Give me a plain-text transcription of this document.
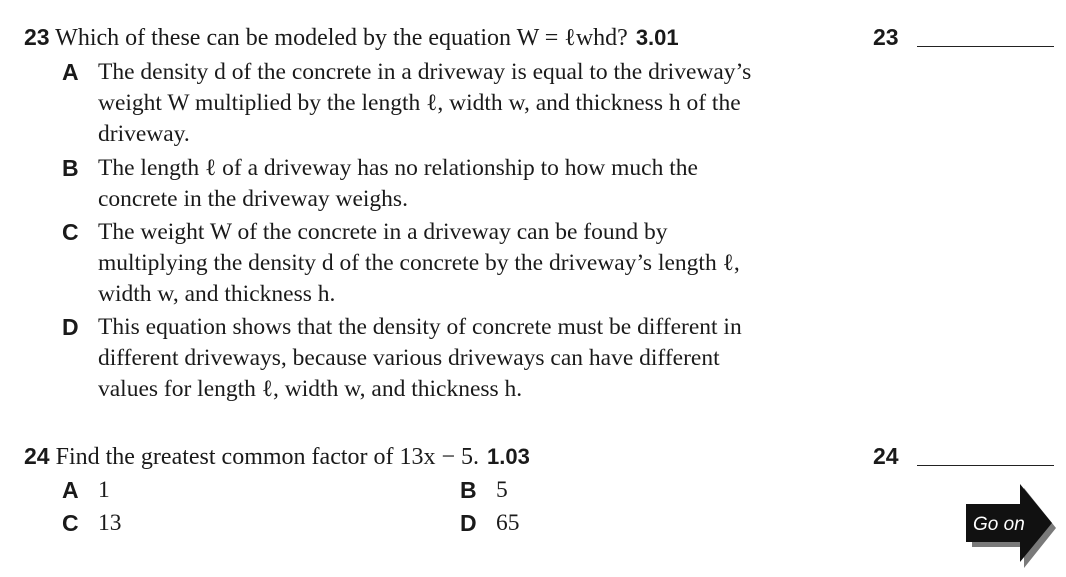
23 Which of these can be modeled by the equation W = ℓwhd? 3.01	23
A The density d of the concrete in a driveway is equal to the driveway’s
weight W multiplied by the length ℓ, width w, and thickness h of the
driveway.
B The length ℓ of a driveway has no relationship to how much the
concrete in the driveway weighs.
C The weight W of the concrete in a driveway can be found by
multiplying the density d of the concrete by the driveway’s length ℓ,
width w, and thickness h.
D This equation shows that the density of concrete must be different in
different driveways, because various driveways can have different
values for length ℓ, width w, and thickness h.
24 Find the greatest common factor of 13x − 5. 1.03	24
A 1	B 5
C 13	D 65	Go on
